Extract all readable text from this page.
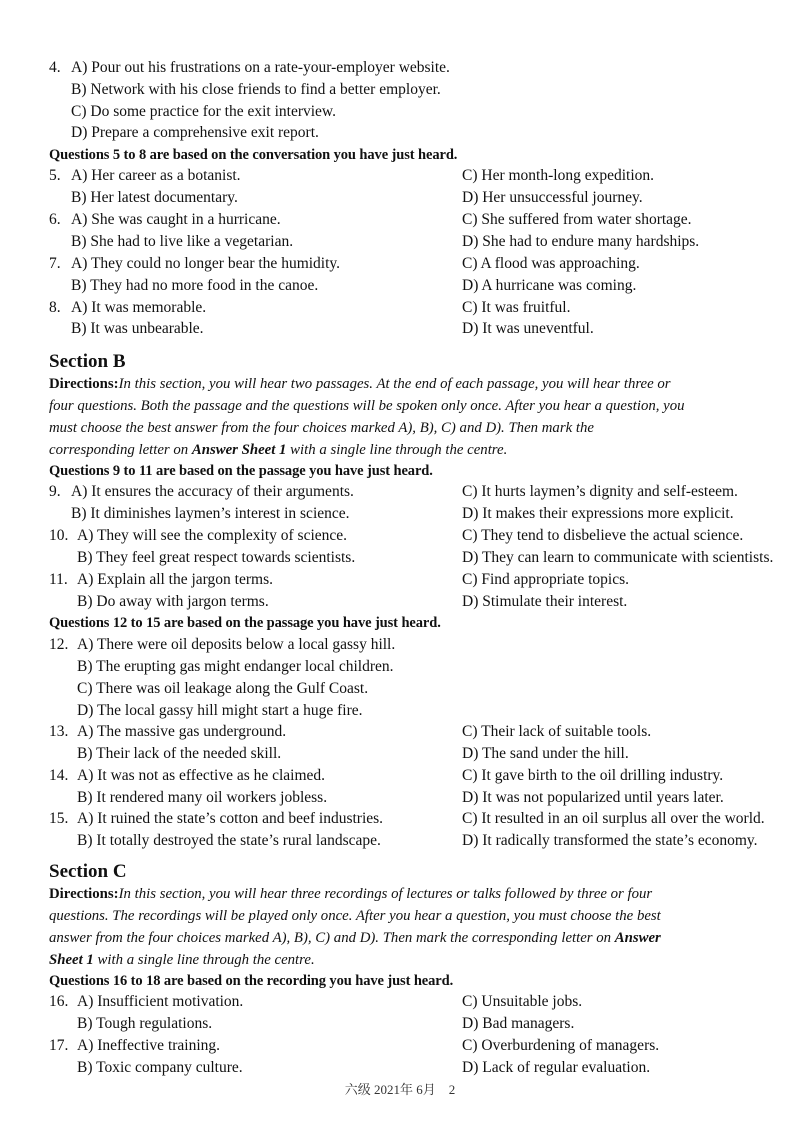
4. A) Pour out his frustrations on a rate-your-employer website.
B) Network with his close friends to find a better employer.
C) Do some practice for the exit interview.
D) Prepare a comprehensive exit report.
Questions 5 to 8 are based on the conversation you have just heard.
5. A) Her career as a botanist.	C) Her month-long expedition.
B) Her latest documentary.	D) Her unsuccessful journey.
6. A) She was caught in a hurricane.	C) She suffered from water shortage.
B) She had to live like a vegetarian.	D) She had to endure many hardships.
7. A) They could no longer bear the humidity.	C) A flood was approaching.
B) They had no more food in the canoe.	D) A hurricane was coming.
8. A) It was memorable.	C) It was fruitful.
B) It was unbearable.	D) It was uneventful.
Section B
Directions:In this section, you will hear two passages. At the end of each passage, you will hear three or
four questions. Both the passage and the questions will be spoken only once. After you hear a question, you
must choose the best answer from the four choices marked A), B), C) and D). Then mark the
corresponding letter on Answer Sheet 1 with a single line through the centre.
Questions 9 to 11 are based on the passage you have just heard.
9. A) It ensures the accuracy of their arguments.	C) It hurts laymen’s dignity and self-esteem.
B) It diminishes laymen’s interest in science.	D) It makes their expressions more explicit.
10. A) They will see the complexity of science.	C) They tend to disbelieve the actual science.
B) They feel great respect towards scientists.	D) They can learn to communicate with scientists.
11. A) Explain all the jargon terms.	C) Find appropriate topics.
B) Do away with jargon terms.	D) Stimulate their interest.
Questions 12 to 15 are based on the passage you have just heard.
12. A) There were oil deposits below a local gassy hill.
B) The erupting gas might endanger local children.
C) There was oil leakage along the Gulf Coast.
D) The local gassy hill might start a huge fire.
13. A) The massive gas underground.	C) Their lack of suitable tools.
B) Their lack of the needed skill.	D) The sand under the hill.
14. A) It was not as effective as he claimed.	C) It gave birth to the oil drilling industry.
B) It rendered many oil workers jobless.	D) It was not popularized until years later.
15. A) It ruined the state’s cotton and beef industries.	C) It resulted in an oil surplus all over the world.
B) It totally destroyed the state’s rural landscape.	D) It radically transformed the state’s economy.
Section C
Directions:In this section, you will hear three recordings of lectures or talks followed by three or four
questions. The recordings will be played only once. After you hear a question, you must choose the best
answer from the four choices marked A), B), C) and D). Then mark the corresponding letter on Answer
Sheet 1 with a single line through the centre.
Questions 16 to 18 are based on the recording you have just heard.
16. A) Insufficient motivation.	C) Unsuitable jobs.
B) Tough regulations.	D) Bad managers.
17. A) Ineffective training.	C) Overburdening of managers.
B) Toxic company culture.	D) Lack of regular evaluation.
六级 2021年 6月　2
